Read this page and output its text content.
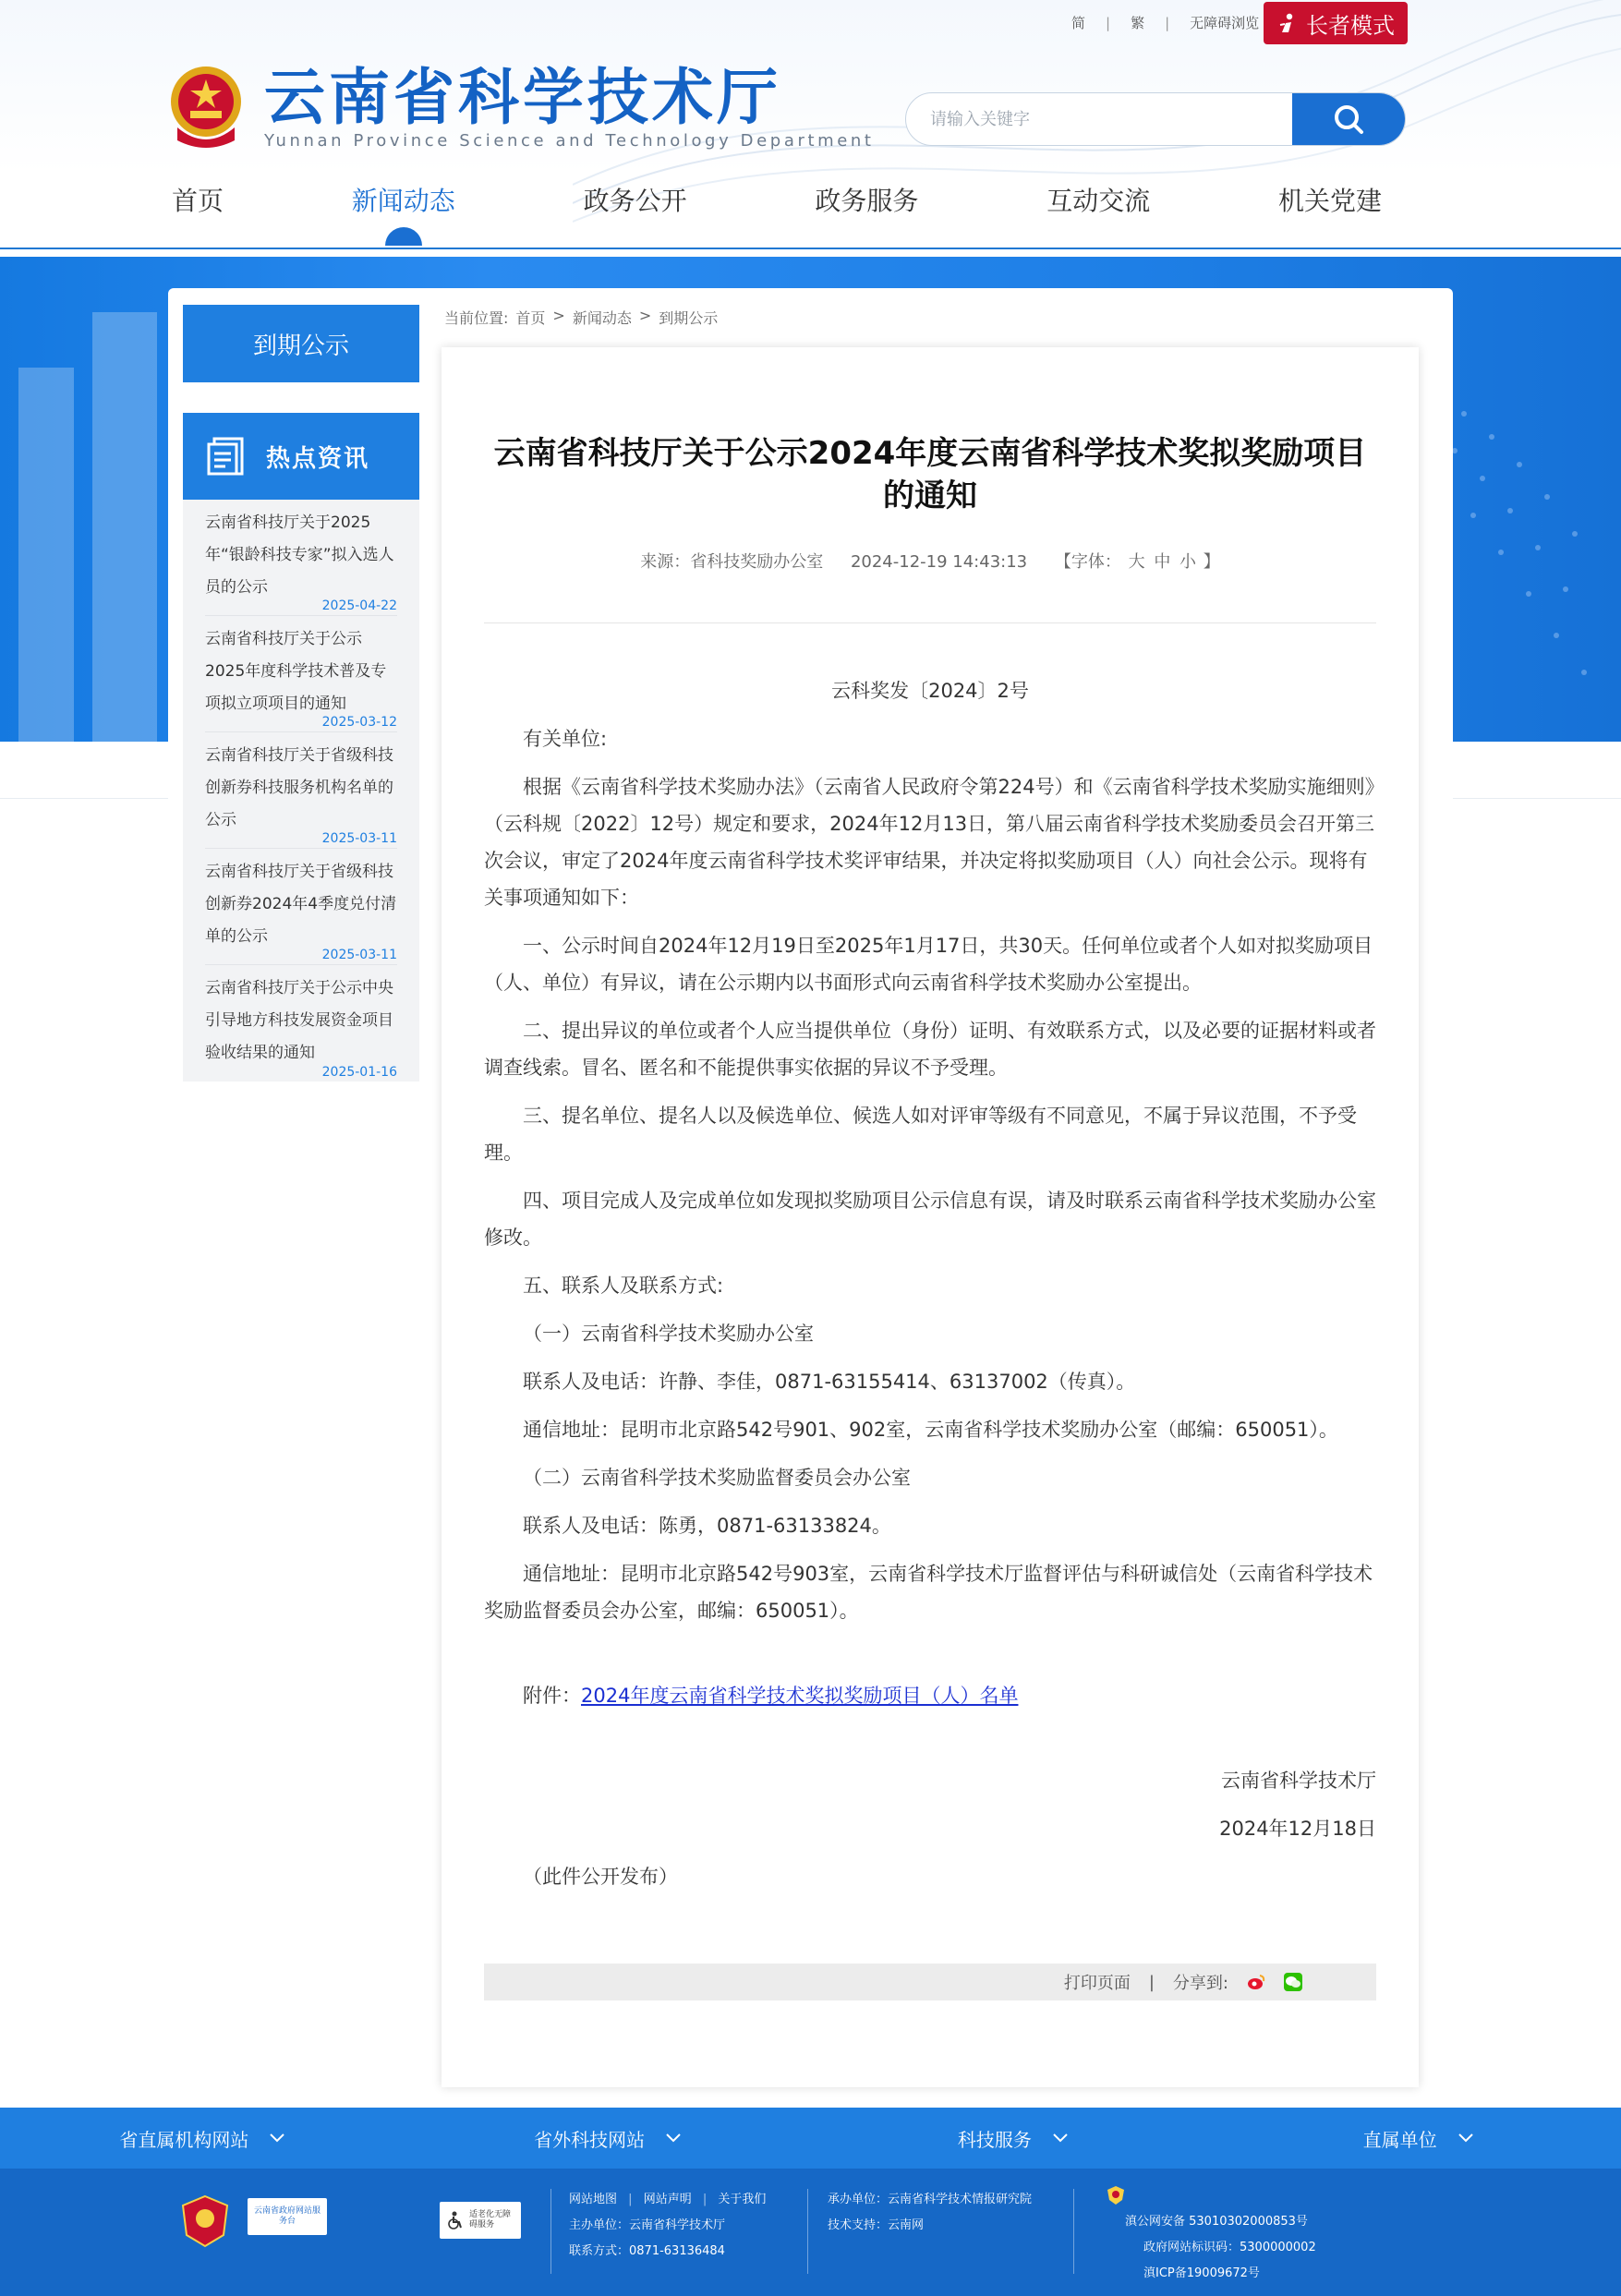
简 | 繁 | 无障碍浏览 长者模式
云南省科学技术厅
Yunnan Province Science and Technology Department
请输入关键字
首页	新闻动态	政务公开	政务服务	互动交流	机关党建
到期公示
热点资讯
云南省科技厅关于2025年“银龄科技专家”拟入选人员的公示
2025-04-22
云南省科技厅关于公示2025年度科学技术普及专项拟立项项目的通知
2025-03-12
云南省科技厅关于省级科技创新券科技服务机构名单的公示
2025-03-11
云南省科技厅关于省级科技创新券2024年4季度兑付清单的公示
2025-03-11
云南省科技厅关于公示中央引导地方科技发展资金项目验收结果的通知
2025-01-16
当前位置: 首页 > 新闻动态 > 到期公示
云南省科技厅关于公示2024年度云南省科学技术奖拟奖励项目的通知
来源：省科技奖励办公室 2024-12-19 14:43:13 【字体： 大 中 小 】

云科奖发〔2024〕2号

有关单位:

根据《云南省科学技术奖励办法》（云南省人民政府令第224号）和《云南省科学技术奖励实施细则》（云科规〔2022〕12号）规定和要求，2024年12月13日，第八届云南省科学技术奖励委员会召开第三次会议，审定了2024年度云南省科学技术奖评审结果，并决定将拟奖励项目（人）向社会公示。现将有关事项通知如下：

一、公示时间自2024年12月19日至2025年1月17日，共30天。任何单位或者个人如对拟奖励项目（人、单位）有异议，请在公示期内以书面形式向云南省科学技术奖励办公室提出。

二、提出异议的单位或者个人应当提供单位（身份）证明、有效联系方式，以及必要的证据材料或者调查线索。冒名、匿名和不能提供事实依据的异议不予受理。

三、提名单位、提名人以及候选单位、候选人如对评审等级有不同意见，不属于异议范围，不予受理。

四、项目完成人及完成单位如发现拟奖励项目公示信息有误，请及时联系云南省科学技术奖励办公室修改。

五、联系人及联系方式:

（一）云南省科学技术奖励办公室

联系人及电话：许静、李佳，0871-63155414、63137002（传真）。

通信地址：昆明市北京路542号901、902室，云南省科学技术奖励办公室（邮编：650051）。

（二）云南省科学技术奖励监督委员会办公室

联系人及电话：陈勇，0871-63133824。

通信地址：昆明市北京路542号903室，云南省科学技术厅监督评估与科研诚信处（云南省科学技术奖励监督委员会办公室，邮编：650051）。

附件：2024年度云南省科学技术奖拟奖励项目（人）名单

云南省科学技术厅

2024年12月18日

（此件公开发布）

打印页面 | 分享到:
省直属机构网站	省外科技网站	科技服务	直属单位
云南省政府网站服务台
适老化无障碍服务
网站地图 | 网站声明 | 关于我们
主办单位：云南省科学技术厅
联系方式：0871-63136484
承办单位：云南省科学技术情报研究院
技术支持：云南网	滇公网安备 53010302000853号
政府网站标识码：5300000002
滇ICP备19009672号
